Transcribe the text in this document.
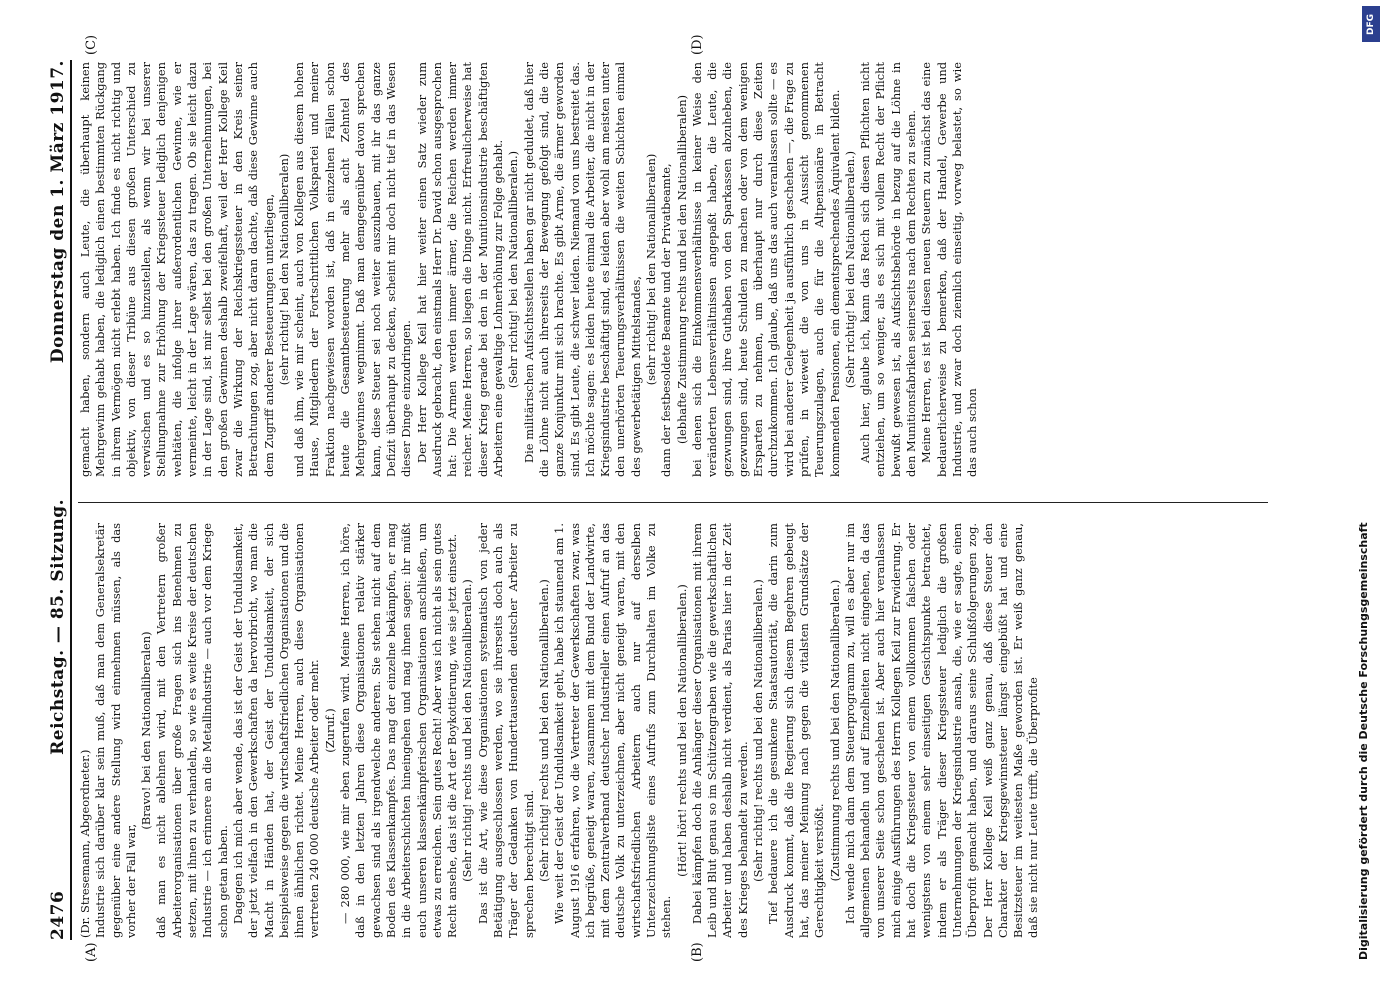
2476
Reichstag. — 85. Sitzung.
Donnerstag den 1. März 1917.
(A)	(B)
(C)	(D)

(Dr. Stresemann, Abgeordneter.) Industrie sich darüber klar sein muß, daß man dem Generalsekretär gegenüber eine andere Stellung wird einnehmen müssen, als das vorher der Fall war,

(Bravo! bei den Nationalliberalen) daß man es nicht ablehnen wird, mit den Vertretern großer Arbeiterorganisationen über große Fragen sich ins Benehmen zu setzen, mit ihnen zu verhandeln, so wie es weite Kreise der deutschen Industrie — ich erinnere an die Metallindustrie — auch vor dem Kriege schon getan haben. Dagegen ich mich aber wende, das ist der Geist der Unduldsamkeit, der jetzt vielfach in den Gewerkschaften da hervorbricht, wo man die Macht in Händen hat, der Geist der Unduldsamkeit, der sich beispielsweise gegen die wirtschaftsfriedlichen Organisationen und die ihnen ähnlichen richtet. Meine Herren, auch diese Organisationen vertreten 240 000 deutsche Arbeiter oder mehr. (Zuruf.) — 280 000, wie mir eben zugerufen wird. Meine Herren, ich höre, daß in den letzten Jahren diese Organisationen relativ stärker gewachsen sind als irgendwelche anderen. Sie stehen nicht auf dem Boden des Klassenkampfes. Das mag der einzelne bekämpfen, er mag in die Arbeiterschichten hineingehen und mag ihnen sagen: ihr müßt euch unseren klassenkämpferischen Organisationen anschließen, um etwas zu erreichen. Sein gutes Recht! Aber was ich nicht als sein gutes Recht ansehe, das ist die Art der Boykottierung, wie sie jetzt einsetzt. (Sehr richtig! rechts und bei den Nationalliberalen.) Das ist die Art, wie diese Organisationen systematisch von jeder Betätigung ausgeschlossen werden, wo sie ihrerseits doch auch als Träger der Gedanken von Hunderttausenden deutscher Arbeiter zu sprechen berechtigt sind. (Sehr richtig! rechts und bei den Nationalliberalen.) Wie weit der Geist der Unduldsamkeit geht, habe ich staunend am 1. August 1916 erfahren, wo die Vertreter der Gewerkschaften zwar, was ich begrüße, geneigt waren, zusammen mit dem Bund der Landwirte, mit dem Zentralverband deutscher Industrieller einen Aufruf an das deutsche Volk zu unterzeichnen, aber nicht geneigt waren, mit den wirtschaftsfriedlichen Arbeitern auch nur auf derselben Unterzeichnungsliste eines Aufrufs zum Durchhalten im Volke zu stehen.

(Hört! hört! rechts und bei den Nationalliberalen.) Dabei kämpfen doch die Anhänger dieser Organisationen mit ihrem Leib und Blut genau so im Schützengraben wie die gewerkschaftlichen Arbeiter und haben deshalb nicht verdient, als Parias hier in der Zeit des Krieges behandelt zu werden. (Sehr richtig! rechts und bei den Nationalliberalen.) Tief bedauere ich die gesunkene Staatsautorität, die darin zum Ausdruck kommt, daß die Regierung sich diesem Begehren gebeugt hat, das meiner Meinung nach gegen die vitalsten Grundsätze der Gerechtigkeit verstößt. (Zustimmung rechts und bei den Nationalliberalen.) Ich wende mich dann dem Steuerprogramm zu, will es aber nur im allgemeinen behandeln und auf Einzelheiten nicht eingehen, da das von unserer Seite schon geschehen ist. Aber auch hier veranlassen mich einige Ausführungen des Herrn Kollegen Keil zur Erwiderung. Er hat doch die Kriegssteuer von einem vollkommen falschen oder wenigstens von einem sehr einseitigen Gesichtspunkte betrachtet, indem er als Träger dieser Kriegssteuer lediglich die großen Unternehmungen der Kriegsindustrie ansah, die, wie er sagte, einen Überprofit gemacht haben, und daraus seine Schlußfolgerungen zog. Der Herr Kollege Keil weiß ganz genau, daß diese Steuer den Charakter der Kriegsgewinnsteuer längst eingebüßt hat und eine Besitzsteuer im weitesten Maße geworden ist. Er weiß ganz genau, daß sie nicht nur Leute trifft, die Überprofite

gemacht haben, sondern auch Leute, die überhaupt keinen Mehrgewinn gehabt haben, die lediglich einen bestimmten Rückgang in ihrem Vermögen nicht erlebt haben. Ich finde es nicht richtig und objektiv, von dieser Tribüne aus diesen großen Unterschied zu verwischen und es so hinzustellen, als wenn wir bei unserer Stellungnahme zur Erhöhung der Kriegssteuer lediglich denjenigen wehtäten, die infolge ihrer außerordentlichen Gewinne, wie er vermeinte, leicht in der Lage wären, das zu tragen. Ob sie leicht dazu in der Lage sind, ist mir selbst bei den großen Unternehmungen, bei den großen Gewinnen deshalb zweifelhaft, weil der Herr Kollege Keil zwar die Wirkung der Reichskriegssteuer in den Kreis seiner Betrachtungen zog, aber nicht daran dachte, daß diese Gewinne auch dem Zugriff anderer Besteuerungen unterliegen, (sehr richtig! bei den Nationalliberalen) und daß ihm, wie mir scheint, auch von Kollegen aus diesem hohen Hause, Mitgliedern der Fortschrittlichen Volkspartei und meiner Fraktion nachgewiesen worden ist, daß in einzelnen Fällen schon heute die Gesamtbesteuerung mehr als acht Zehntel des Mehrgewinnes wegnimmt. Daß man demgegenüber davon sprechen kann, diese Steuer sei noch weiter auszubauen, mit ihr das ganze Defizit überhaupt zu decken, scheint mir doch nicht tief in das Wesen dieser Dinge einzudringen. Der Herr Kollege Keil hat hier weiter einen Satz wieder zum Ausdruck gebracht, den einstmals Herr Dr. David schon ausgesprochen hat: Die Armen werden immer ärmer, die Reichen werden immer reicher. Meine Herren, so liegen die Dinge nicht. Erfreulicherweise hat dieser Krieg gerade bei den in der Munitionsindustrie beschäftigten Arbeitern eine gewaltige Lohnerhöhung zur Folge gehabt. (Sehr richtig! bei den Nationalliberalen.) Die militärischen Aufsichtsstellen haben gar nicht geduldet, daß hier die Löhne nicht auch ihrerseits der Bewegung gefolgt sind, die die ganze Konjunktur mit sich brachte. Es gibt Arme, die ärmer geworden sind. Es gibt Leute, die schwer leiden. Niemand von uns bestreitet das. Ich möchte sagen: es leiden heute einmal die Arbeiter, die nicht in der Kriegsindustrie beschäftigt sind, es leiden aber wohl am meisten unter den unerhörten Teuerungsverhältnissen die weiten Schichten einmal des gewerbetätigen Mittelstandes, (sehr richtig! bei den Nationalliberalen) dann der festbesoldete Beamte und der Privatbeamte, (lebhafte Zustimmung rechts und bei den Nationalliberalen) bei denen sich die Einkommensverhältnisse in keiner Weise den veränderten Lebensverhältnissen angepaßt haben, die Leute, die gezwungen sind, ihre Guthaben von den Sparkassen abzuheben, die gezwungen sind, heute Schulden zu machen oder von dem wenigen Ersparten zu nehmen, um überhaupt nur durch diese Zeiten durchzukommen. Ich glaube, daß uns das auch veranlassen sollte — es wird bei anderer Gelegenheit ja ausführlich geschehen —, die Frage zu prüfen, in wieweit die von uns in Aussicht genommenen Teuerungszulagen, auch die für die Altpensionäre in Betracht kommenden Pensionen, ein dementsprechendes Äquivalent bilden. (Sehr richtig! bei den Nationalliberalen.) Auch hier, glaube ich, kann das Reich sich diesen Pflichten nicht entziehen, um so weniger, als es sich mit vollem Recht der Pflicht bewußt gewesen ist, als Aufsichtsbehörde in bezug auf die Löhne in den Munitionsfabriken seinerseits nach dem Rechten zu sehen. Meine Herren, es ist bei diesen neuen Steuern zu zunächst das eine bedauerlicherweise zu bemerken, daß der Handel, Gewerbe und Industrie, und zwar doch ziemlich einseitig, vorweg belastet, so wie das auch schon

DFG
Digitalisierung gefördert durch die Deutsche Forschungsgemeinschaft
